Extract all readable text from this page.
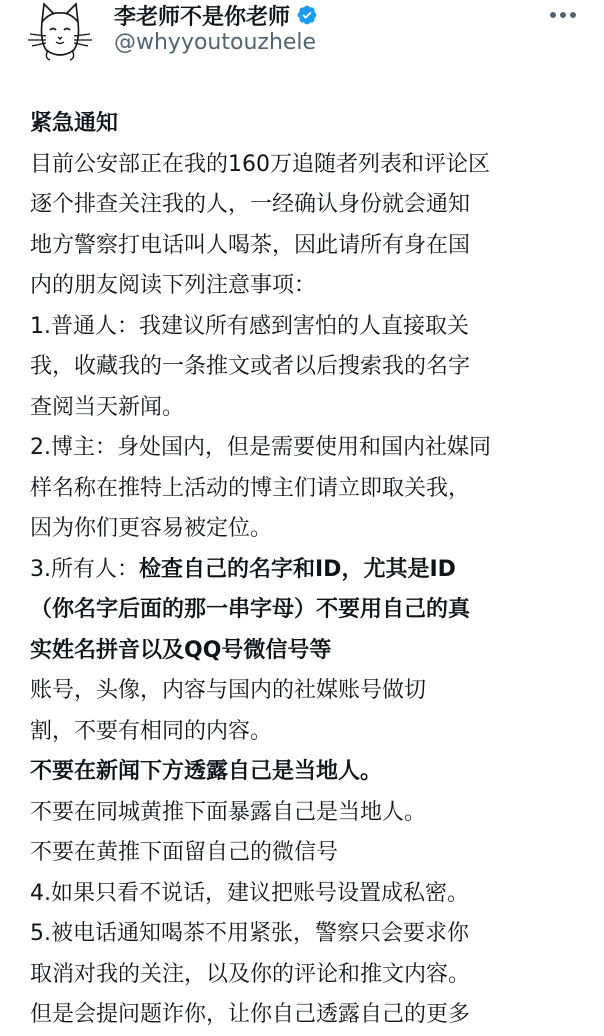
李老师不是你老师
@whyyoutouzhele

紧急通知

目前公安部正在我的160万追随者列表和评论区

逐个排查关注我的人，一经确认身份就会通知

地方警察打电话叫人喝茶，因此请所有身在国

内的朋友阅读下列注意事项：

1.普通人：我建议所有感到害怕的人直接取关

我，收藏我的一条推文或者以后搜索我的名字

查阅当天新闻。

2.博主：身处国内，但是需要使用和国内社媒同

样名称在推特上活动的博主们请立即取关我，

因为你们更容易被定位。

3.所有人：检查自己的名字和ID，尤其是ID

（你名字后面的那一串字母）不要用自己的真

实姓名拼音以及QQ号微信号等

账号，头像，内容与国内的社媒账号做切

割，不要有相同的内容。

不要在新闻下方透露自己是当地人。

不要在同城黄推下面暴露自己是当地人。

不要在黄推下面留自己的微信号

4.如果只看不说话，建议把账号设置成私密。

5.被电话通知喝茶不用紧张，警察只会要求你

取消对我的关注，以及你的评论和推文内容。

但是会提问题诈你，让你自己透露自己的更多
